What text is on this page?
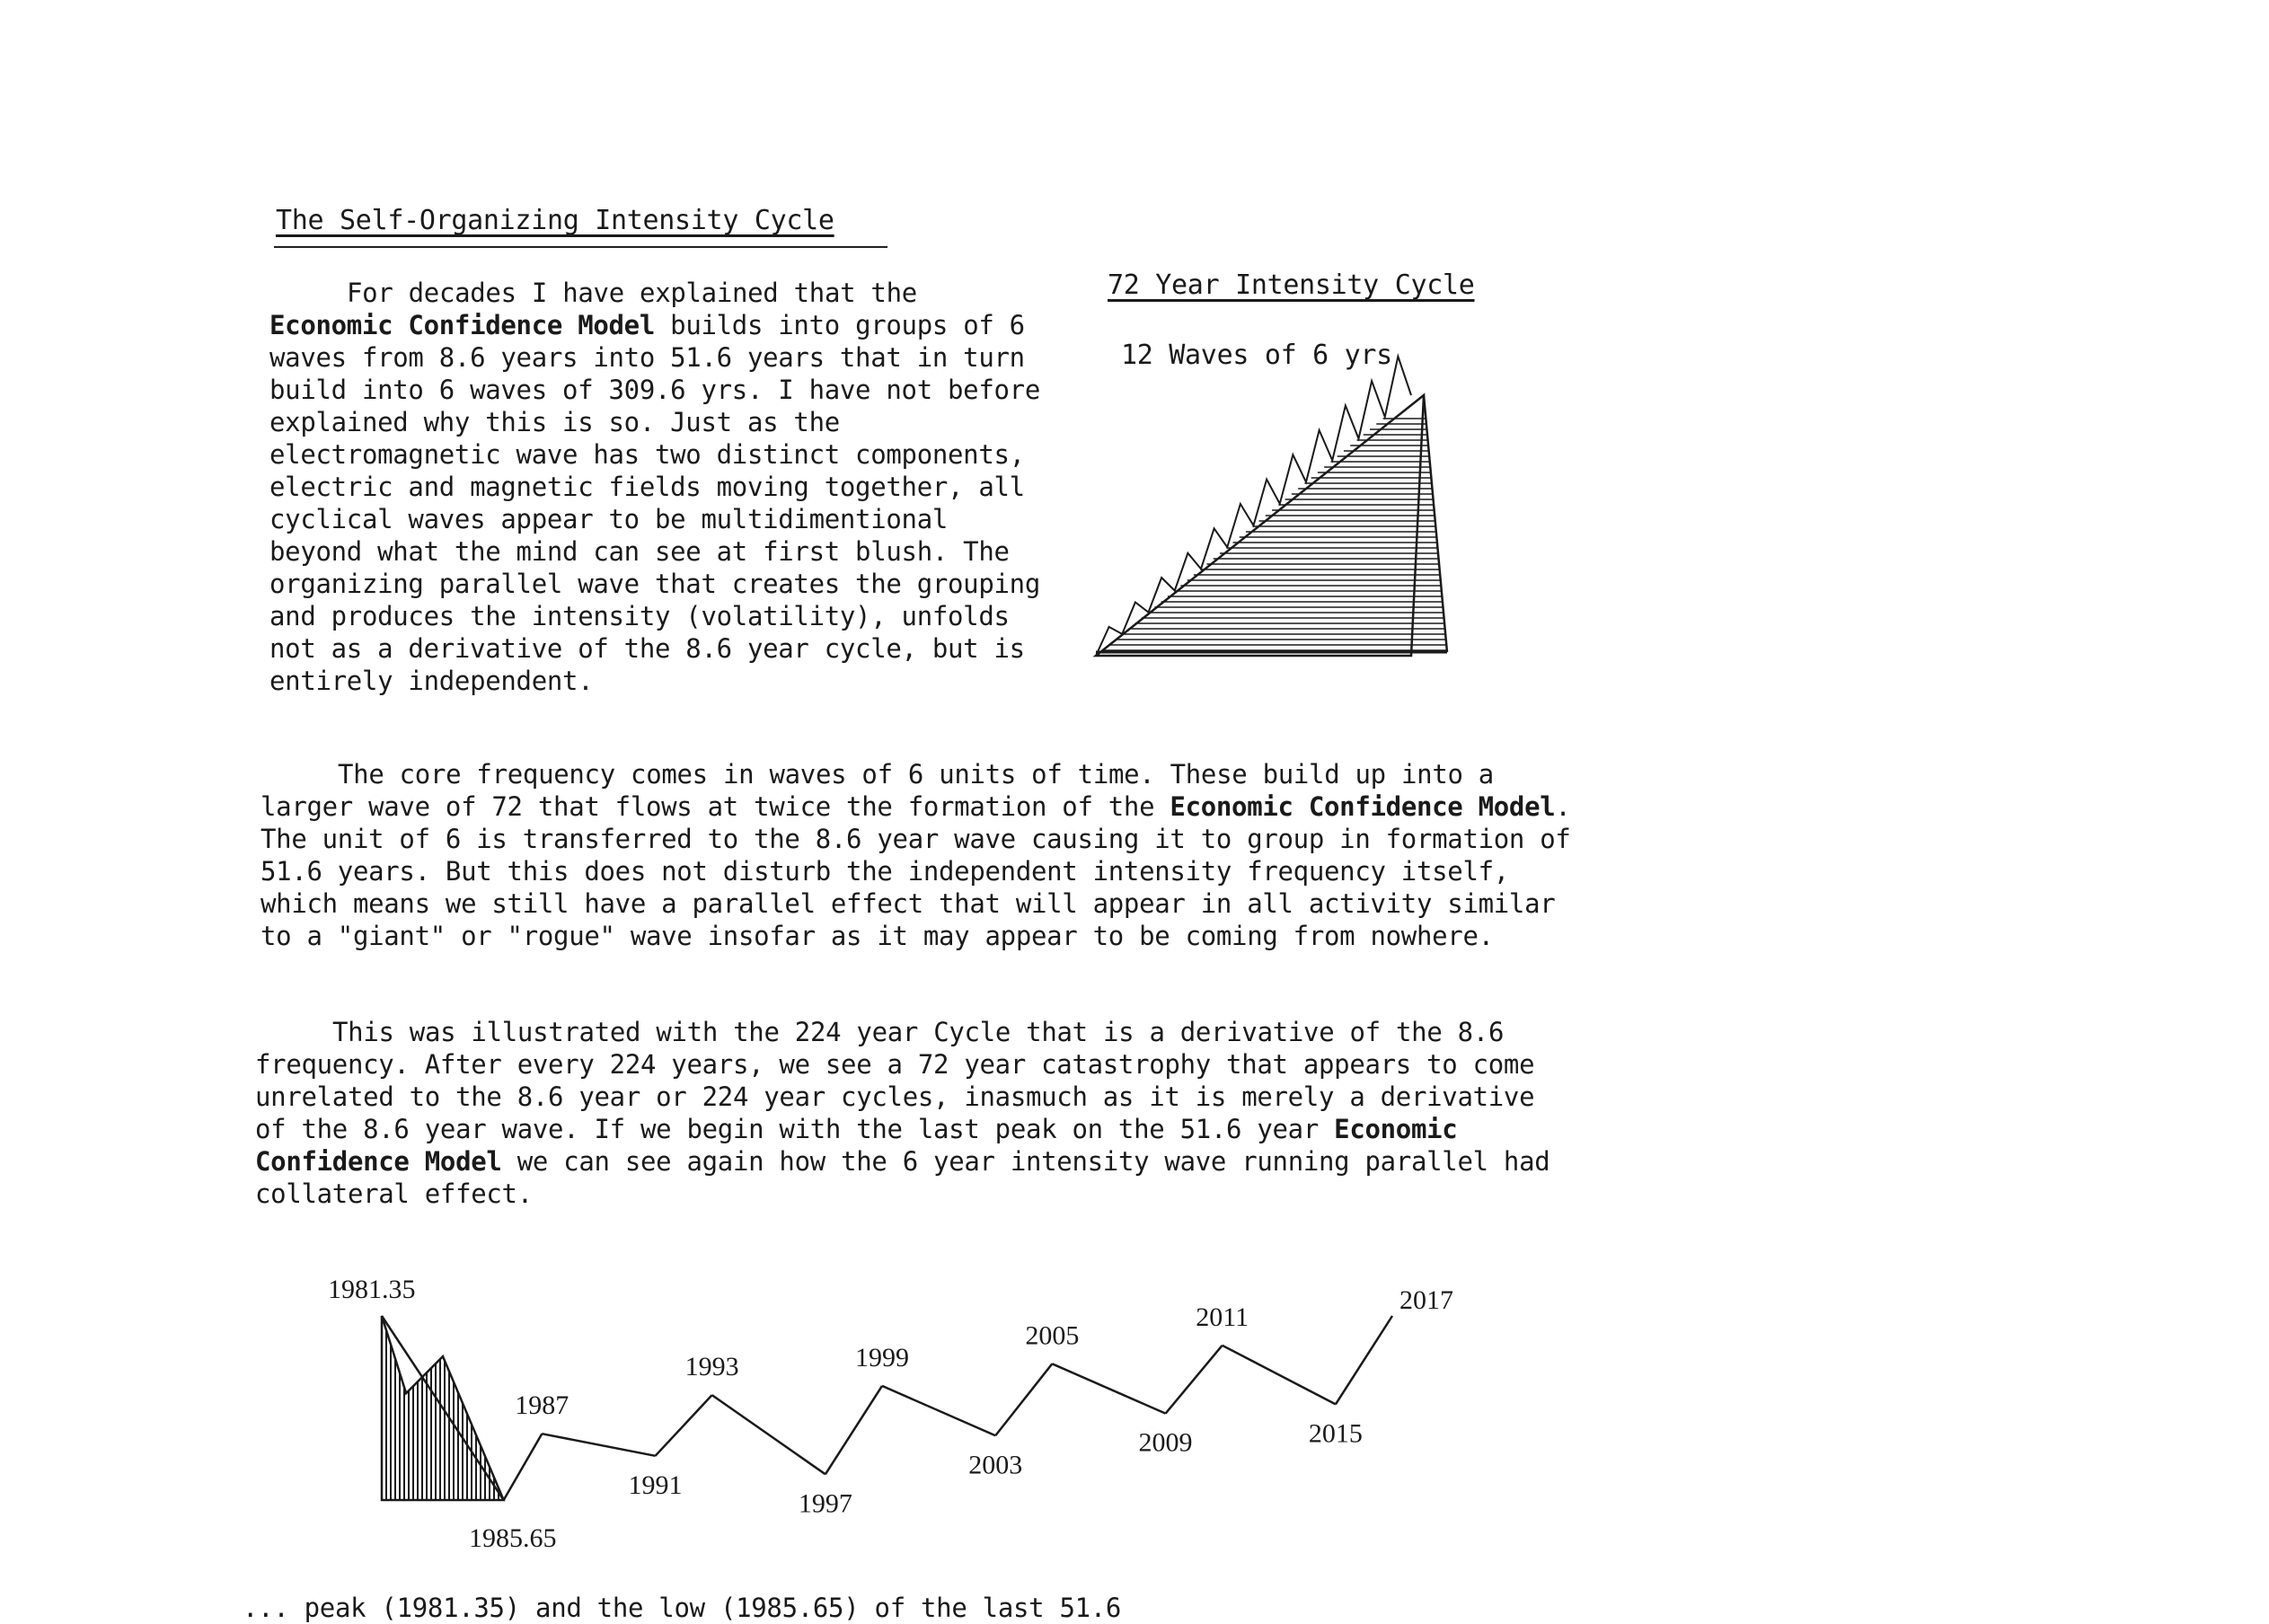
The Self-Organizing Intensity Cycle

For decades I have explained that the Economic Confidence Model builds into groups of 6 waves from 8.6 years into 51.6 years that in turn build into 6 waves of 309.6 yrs. I have not before explained why this is so. Just as the electromagnetic wave has two distinct components, electric and magnetic fields moving together, all cyclical waves appear to be multidimentional beyond what the mind can see at first blush. The organizing parallel wave that creates the grouping and produces the intensity (volatility), unfolds not as a derivative of the 8.6 year cycle, but is entirely independent.

72 Year Intensity Cycle
12 Waves of 6 yrs

The core frequency comes in waves of 6 units of time. These build up into a larger wave of 72 that flows at twice the formation of the Economic Confidence Model. The unit of 6 is transferred to the 8.6 year wave causing it to group in formation of 51.6 years. But this does not disturb the independent intensity frequency itself, which means we still have a parallel effect that will appear in all activity similar to a "giant" or "rogue" wave insofar as it may appear to be coming from nowhere.

This was illustrated with the 224 year Cycle that is a derivative of the 8.6 frequency. After every 224 years, we see a 72 year catastrophy that appears to come unrelated to the 8.6 year or 224 year cycles, inasmuch as it is merely a derivative of the 8.6 year wave. If we begin with the last peak on the 51.6 year Economic Confidence Model we can see again how the 6 year intensity wave running parallel had collateral effect.

1981.35
1985.65
1987
1991
1993
1997
1999
2003
2005
2009
2011
2015
2017
... peak (1981.35) and the low (1985.65) of the last 51.6
